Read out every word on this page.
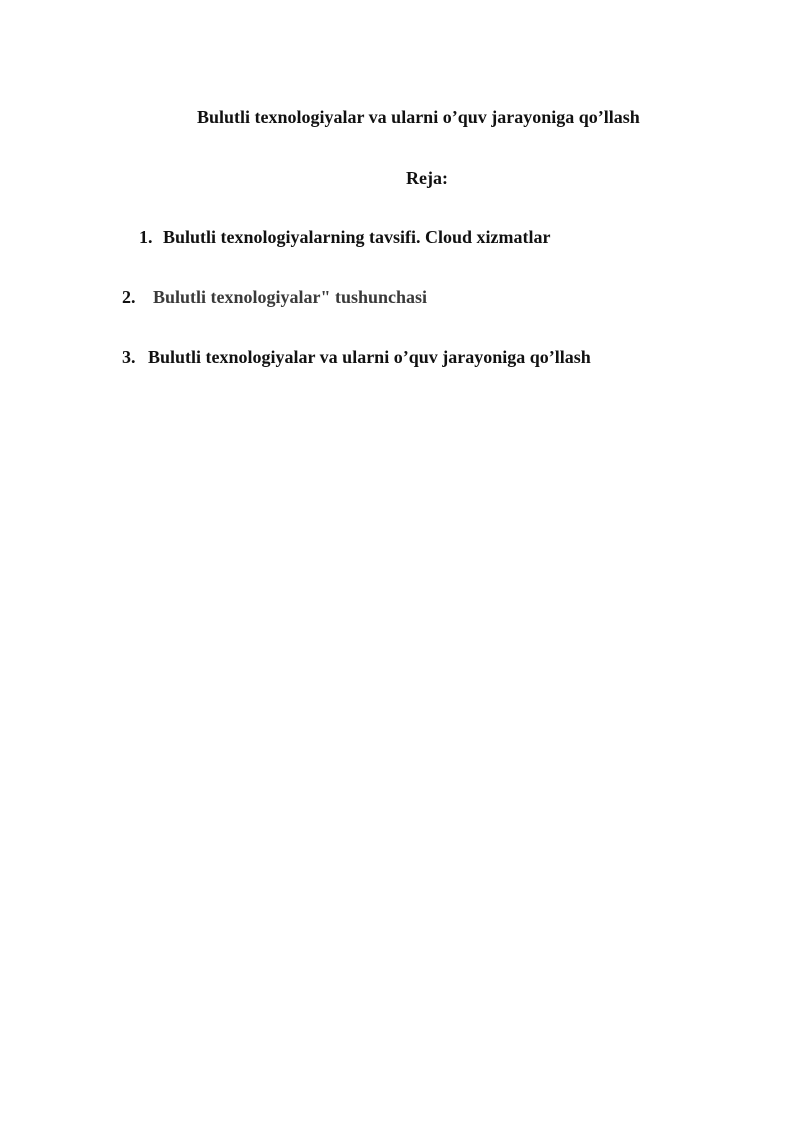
Bulutli texnologiyalar va ularni o’quv jarayoniga qo’llash
Reja:
1. Bulutli texnologiyalarning tavsifi. Cloud xizmatlar
2. Bulutli texnologiyalar" tushunchasi
3. Bulutli texnologiyalar va ularni o’quv jarayoniga qo’llash
